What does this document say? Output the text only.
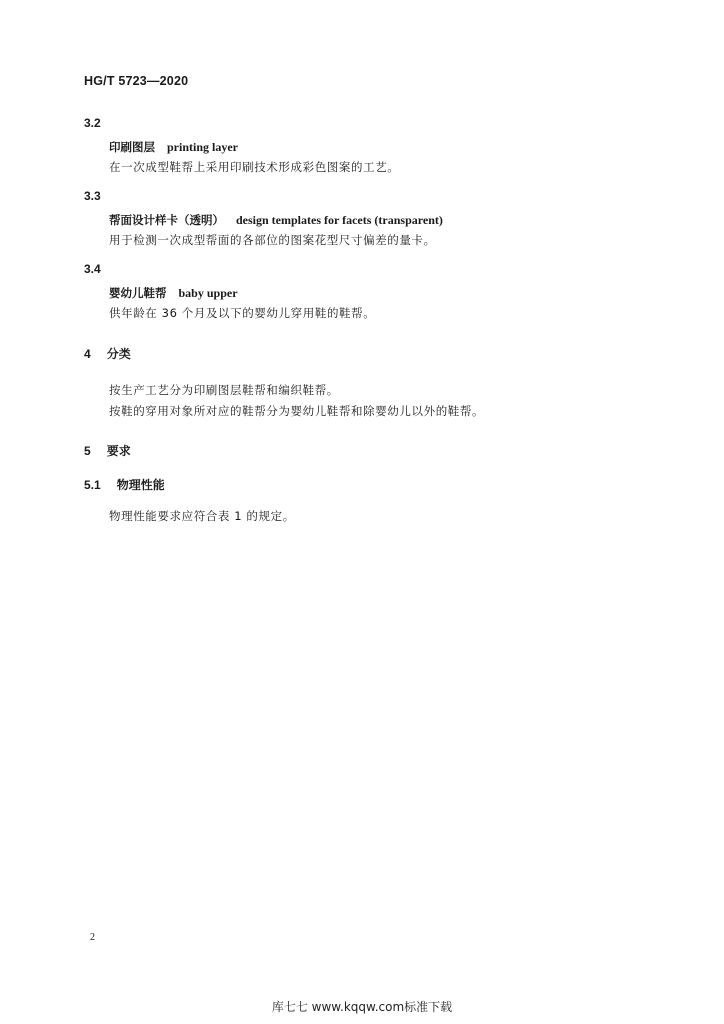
HG/T 5723—2020
3.2
印刷图层 printing layer
在一次成型鞋帮上采用印刷技术形成彩色图案的工艺。
3.3
帮面设计样卡（透明） design templates for facets (transparent)
用于检测一次成型帮面的各部位的图案花型尺寸偏差的量卡。
3.4
婴幼儿鞋帮 baby upper
供年龄在 36 个月及以下的婴幼儿穿用鞋的鞋帮。
4 分类
按生产工艺分为印刷图层鞋帮和编织鞋帮。
按鞋的穿用对象所对应的鞋帮分为婴幼儿鞋帮和除婴幼儿以外的鞋帮。
5 要求
5.1 物理性能
物理性能要求应符合表 1 的规定。
2
库七七 www.kqqw.com标准下载
